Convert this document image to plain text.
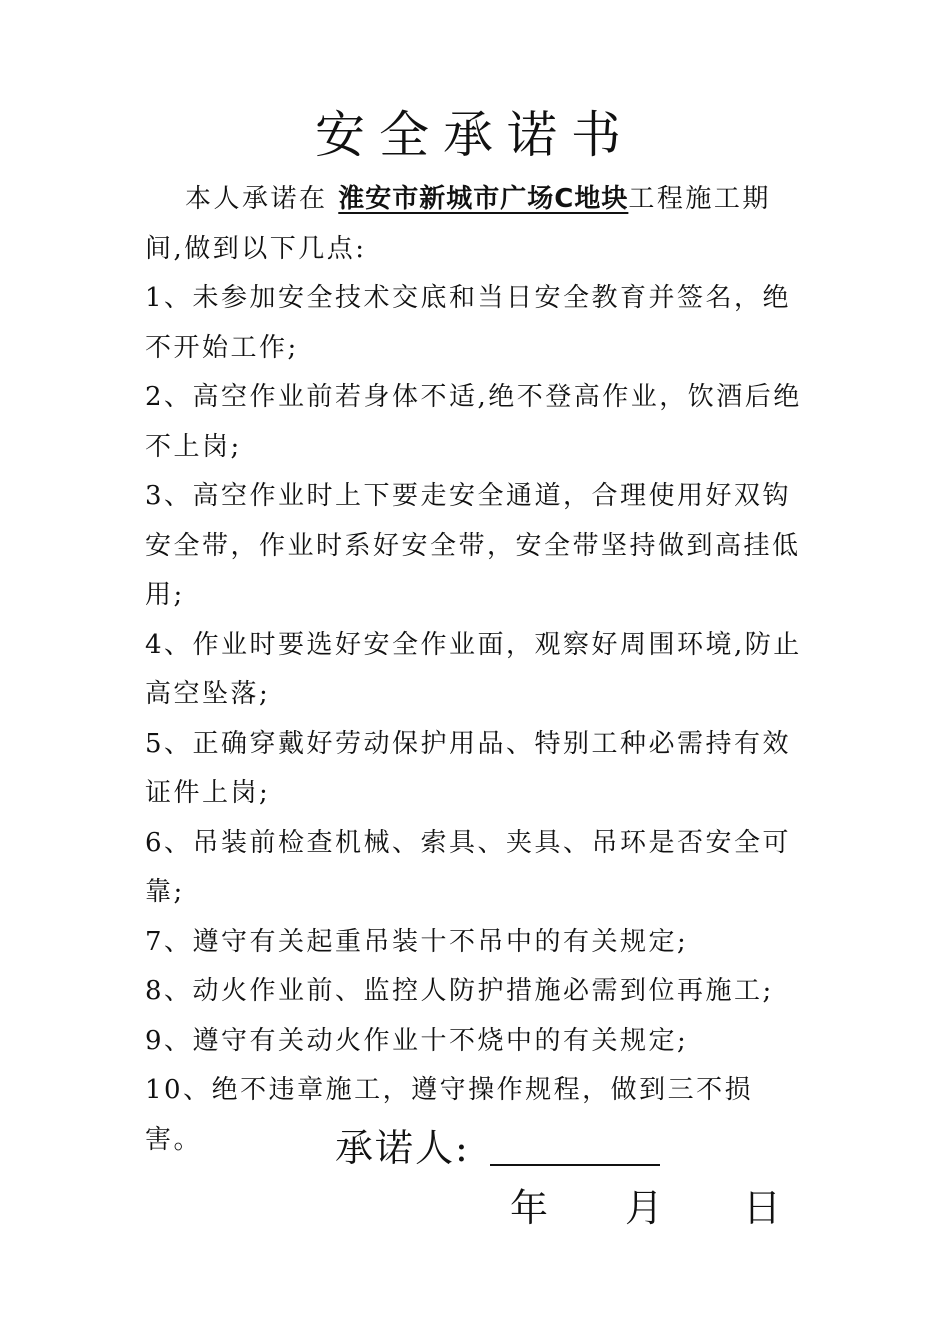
安全承诺书

本人承诺在 淮安市新城市广场C地块工程施工期间,做到以下几点:

1、未参加安全技术交底和当日安全教育并签名，绝不开始工作;

2、高空作业前若身体不适,绝不登高作业，饮酒后绝不上岗;

3、高空作业时上下要走安全通道，合理使用好双钩安全带，作业时系好安全带，安全带坚持做到高挂低用;

4、作业时要选好安全作业面，观察好周围环境,防止高空坠落;

5、正确穿戴好劳动保护用品、特别工种必需持有效证件上岗;

6、吊装前检查机械、索具、夹具、吊环是否安全可靠;

7、遵守有关起重吊装十不吊中的有关规定;

8、动火作业前、监控人防护措施必需到位再施工;

9、遵守有关动火作业十不烧中的有关规定;

10、绝不违章施工，遵守操作规程，做到三不损害。	承诺人:
年 月 日
